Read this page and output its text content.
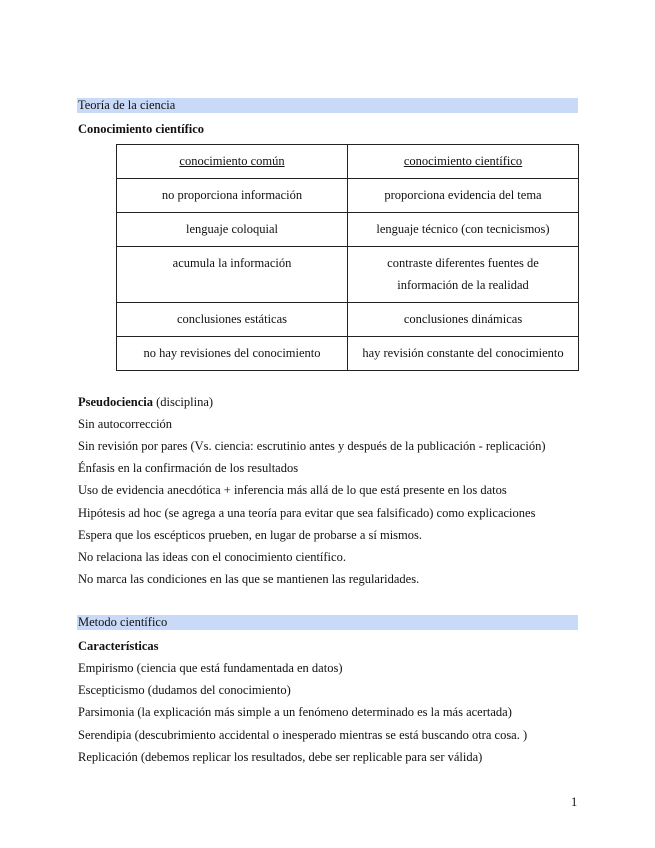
Teoría de la ciencia
Conocimiento científico
conocimiento común	conocimiento científico
no proporciona información	proporciona evidencia del tema
lenguaje coloquial	lenguaje técnico (con tecnicismos)
acumula la información	contraste diferentes fuentes de información de la realidad
conclusiones estáticas	conclusiones dinámicas
no hay revisiones del conocimiento	hay revisión constante del conocimiento
Pseudociencia (disciplina)
Sin autocorrección
Sin revisión por pares (Vs. ciencia: escrutinio antes y después de la publicación - replicación)
Énfasis en la confirmación de los resultados
Uso de evidencia anecdótica + inferencia más allá de lo que está presente en los datos
Hipótesis ad hoc (se agrega a una teoría para evitar que sea falsificado) como explicaciones
Espera que los escépticos prueben, en lugar de probarse a sí mismos.
No relaciona las ideas con el conocimiento científico.
No marca las condiciones en las que se mantienen las regularidades.
Metodo científico
Características
Empirismo (ciencia que está fundamentada en datos)
Escepticismo (dudamos del conocimiento)
Parsimonia (la explicación más simple a un fenómeno determinado es la más acertada)
Serendipia (descubrimiento accidental o inesperado mientras se está buscando otra cosa. )
Replicación (debemos replicar los resultados, debe ser replicable para ser válida)
1
